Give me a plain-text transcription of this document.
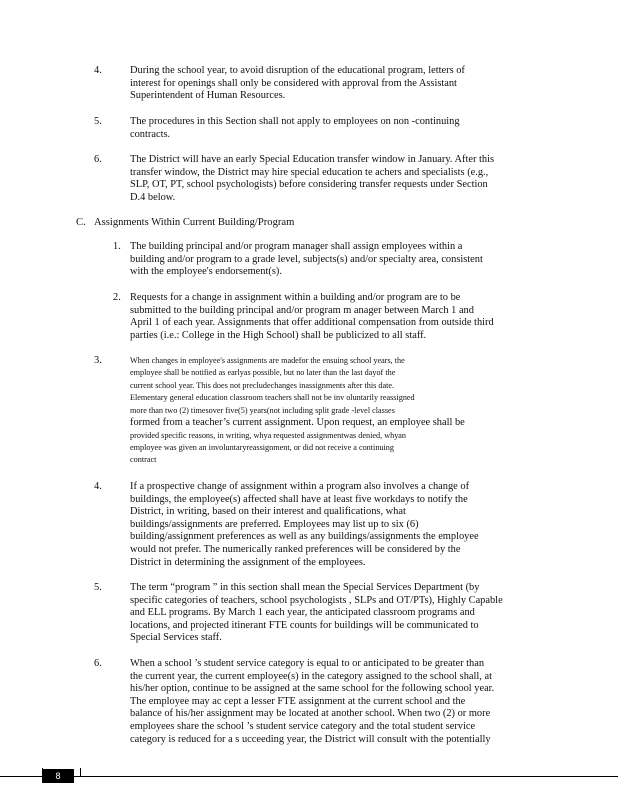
4.	During the school year, to avoid disruption of the educational program, letters of
interest for openings shall only be considered with approval from the Assistant
Superintendent of Human Resources.
5.	The procedures in this Section shall not apply to employees on non -continuing
contracts.
6.	The District will have an early Special Education transfer window in January. After this
transfer window, the District may hire special education te achers and specialists (e.g.,
SLP, OT, PT, school psychologists) before considering transfer requests under Section
D.4 below.
C. Assignments Within Current Building/Program
1. The building principal and/or program manager shall assign employees within a
building and/or program to a grade level, subjects(s) and/or specialty area, consistent
with the employee's endorsement(s).
2. Requests for a change in assignment within a building and/or program are to be
submitted to the building principal and/or program m anager between March 1 and
April 1 of each year. Assignments that offer additional compensation from outside third
parties (i.e.: College in the High School) shall be publicized to all staff.
3.	When changes in employee's assignments are madefor the ensuing school years, the
employee shall be notified as earlyas possible, but no later than the last dayof the
current school year. This does not precludechanges inassignments after this date.
Elementary general education classroom teachers shall not be inv oluntarily reassigned
more than two (2) timesover five(5) years(not including split grade -level classes
formed from a teacher’s current assignment. Upon request, an employee shall be
provided specific reasons, in writing, whya requested assignmentwas denied, whyan
employee was given an involuntaryreassignment, or did not receive a continuing
contract
4.	If a prospective change of assignment within a program also involves a change of
buildings, the employee(s) affected shall have at least five workdays to notify the
District, in writing, based on their interest and qualifications, what
buildings/assignments are preferred. Employees may list up to six (6)
building/assignment preferences as well as any buildings/assignments the employee
would not prefer. The numerically ranked preferences will be considered by the
District in determining the assignment of the employees.
5.	The term “program ” in this section shall mean the Special Services Department (by
specific categories of teachers, school psychologists , SLPs and OT/PTs), Highly Capable
and ELL programs. By March 1 each year, the anticipated classroom programs and
locations, and projected itinerant FTE counts for buildings will be communicated to
Special Services staff.
6.	When a school ’s student service category is equal to or anticipated to be greater than
the current year, the current employee(s) in the category assigned to the school shall, at
his/her option, continue to be assigned at the same school for the following school year.
The employee may ac cept a lesser FTE assignment at the current school and the
balance of his/her assignment may be located at another school. When two (2) or more
employees share the school ’s student service category and the total student service
category is reduced for a s ucceeding year, the District will consult with the potentially
8
